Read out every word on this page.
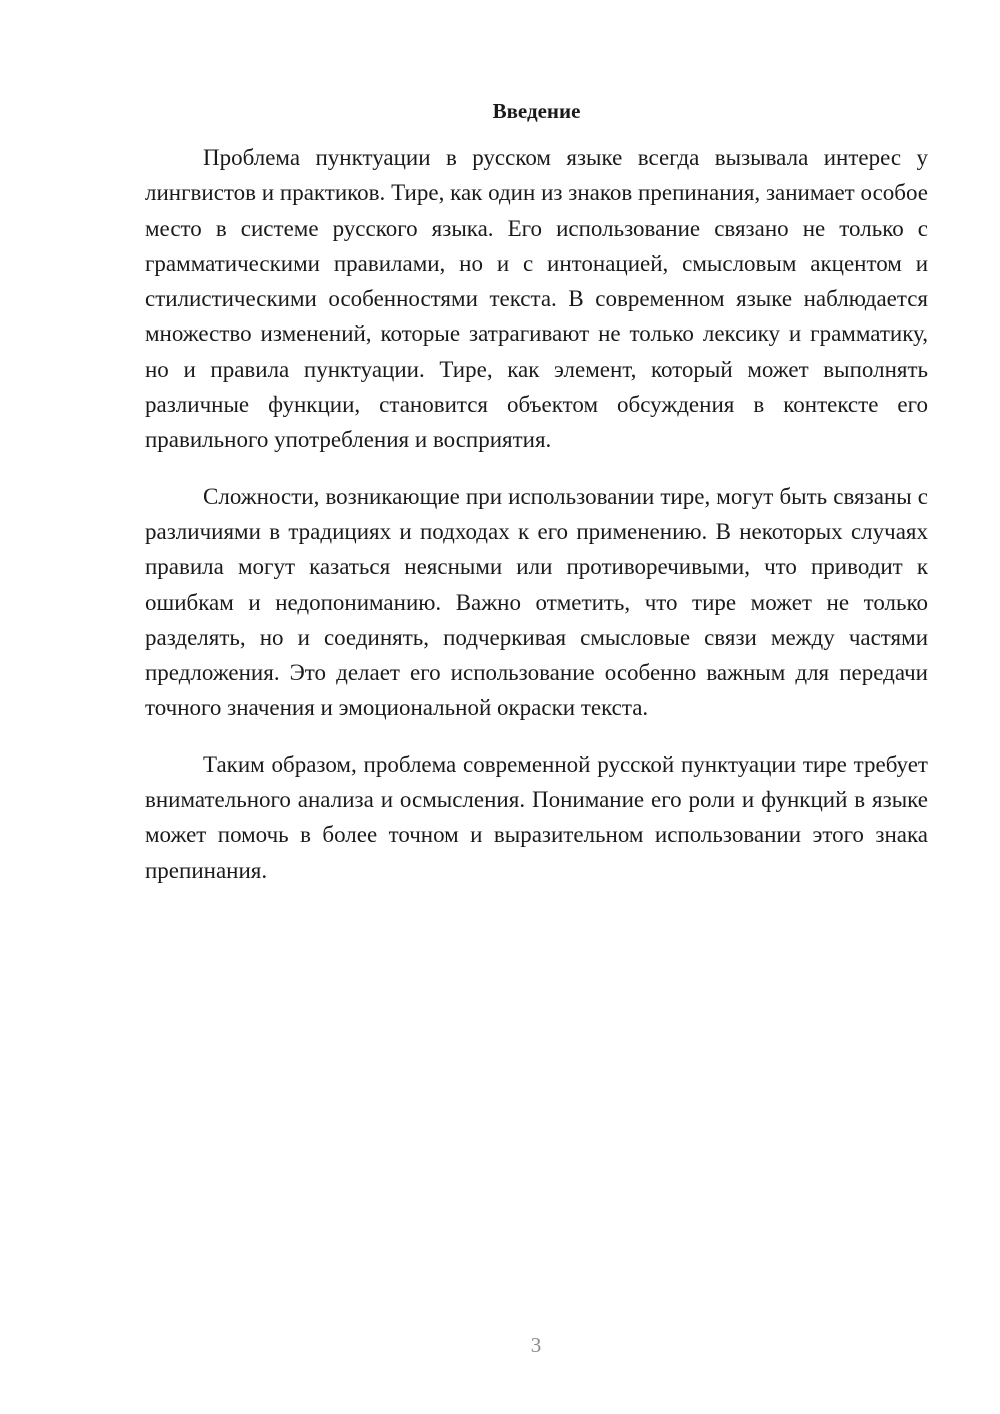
Введение

Проблема пунктуации в русском языке всегда вызывала интерес у лингвистов и практиков. Тире, как один из знаков препинания, занимает особое место в системе русского языка. Его использование связано не только с грамматическими правилами, но и с интонацией, смысловым акцентом и стилистическими особенностями текста. В современном языке наблюдается множество изменений, которые затрагивают не только лексику и грамматику, но и правила пунктуации. Тире, как элемент, который может выполнять различные функции, становится объектом обсуждения в контексте его правильного употребления и восприятия.

Сложности, возникающие при использовании тире, могут быть связаны с различиями в традициях и подходах к его применению. В некоторых случаях правила могут казаться неясными или противоречивыми, что приводит к ошибкам и недопониманию. Важно отметить, что тире может не только разделять, но и соединять, подчеркивая смысловые связи между частями предложения. Это делает его использование особенно важным для передачи точного значения и эмоциональной окраски текста.

Таким образом, проблема современной русской пунктуации тире требует внимательного анализа и осмысления. Понимание его роли и функций в языке может помочь в более точном и выразительном использовании этого знака препинания.

3
